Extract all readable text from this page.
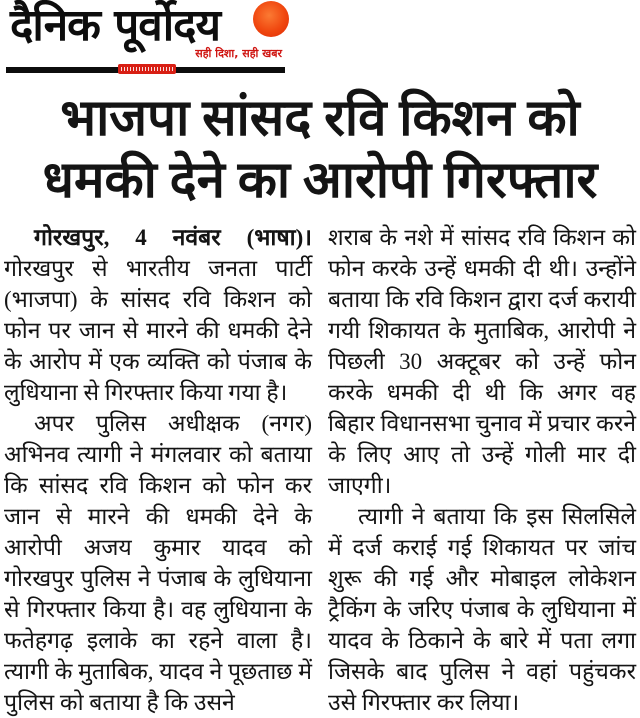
दैनिक पूर्वोदय
सही दिशा, सही खबर
भाजपा सांसद रवि किशन को
धमकी देने का आरोपी गिरफ्तार

गोरखपुर, 4 नवंबर (भाषा)। गोरखपुर से भारतीय जनता पार्टी (भाजपा) के सांसद रवि किशन को फोन पर जान से मारने की धमकी देने के आरोप में एक व्यक्ति को पंजाब के लुधियाना से गिरफ्तार किया गया है।

अपर पुलिस अधीक्षक (नगर) अभिनव त्यागी ने मंगलवार को बताया कि सांसद रवि किशन को फोन कर जान से मारने की धमकी देने के आरोपी अजय कुमार यादव को गोरखपुर पुलिस ने पंजाब के लुधियाना से गिरफ्तार किया है। वह लुधियाना के फतेहगढ़ इलाके का रहने वाला है। त्यागी के मुताबिक, यादव ने पूछताछ में पुलिस को बताया है कि उसने

शराब के नशे में सांसद रवि किशन को फोन करके उन्हें धमकी दी थी। उन्होंने बताया कि रवि किशन द्वारा दर्ज करायी गयी शिकायत के मुताबिक, आरोपी ने पिछली 30 अक्टूबर को उन्हें फोन करके धमकी दी थी कि अगर वह बिहार विधानसभा चुनाव में प्रचार करने के लिए आए तो उन्हें गोली मार दी जाएगी।

त्यागी ने बताया कि इस सिलसिले में दर्ज कराई गई शिकायत पर जांच शुरू की गई और मोबाइल लोकेशन ट्रैकिंग के जरिए पंजाब के लुधियाना में यादव के ठिकाने के बारे में पता लगा जिसके बाद पुलिस ने वहां पहुंचकर उसे गिरफ्तार कर लिया।
